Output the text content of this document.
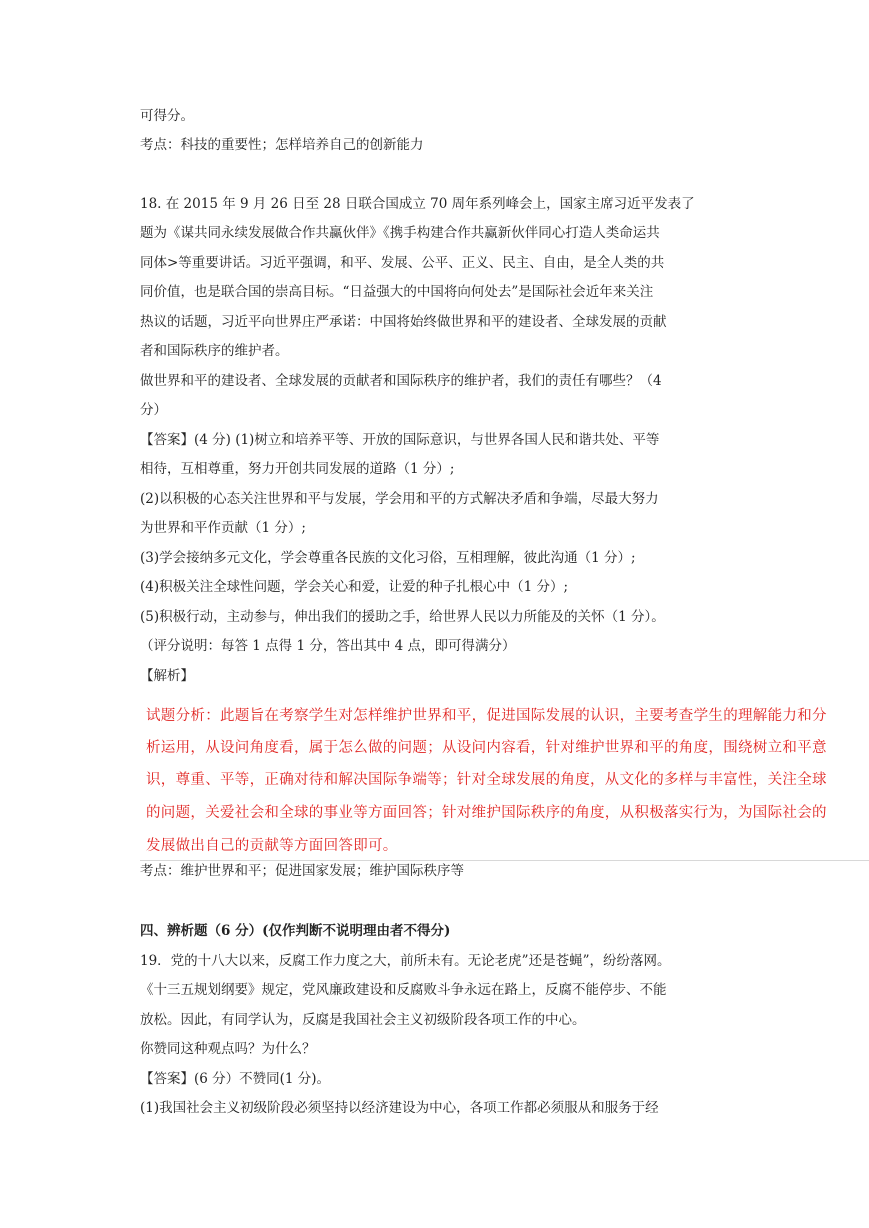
可得分。
考点：科技的重要性；怎样培养自己的创新能力
18. 在 2015 年 9 月 26 日至 28 日联合国成立 70 周年系列峰会上，国家主席习近平发表了
题为《谋共同永续发展做合作共赢伙伴》《携手构建合作共赢新伙伴同心打造人类命运共
同体>等重要讲话。习近平强调，和平、发展、公平、正义、民主、自由，是全人类的共
同价值，也是联合国的崇高目标。“日益强大的中国将向何处去”是国际社会近年来关注
热议的话题，习近平向世界庄严承诺：中国将始终做世界和平的建设者、全球发展的贡献
者和国际秩序的维护者。
做世界和平的建设者、全球发展的贡献者和国际秩序的维护者，我们的责任有哪些？（4
分）
【答案】(4 分) (1)树立和培养平等、开放的国际意识，与世界各国人民和谐共处、平等
相待，互相尊重，努力开创共同发展的道路（1 分）;
(2)以积极的心态关注世界和平与发展，学会用和平的方式解决矛盾和争端，尽最大努力
为世界和平作贡献（1 分）;
(3)学会接纳多元文化，学会尊重各民族的文化习俗，互相理解，彼此沟通（1 分）;
(4)积极关注全球性问题，学会关心和爱，让爱的种子扎根心中（1 分）;
(5)积极行动，主动参与，伸出我们的援助之手，给世界人民以力所能及的关怀（1 分）。
（评分说明：每答 1 点得 1 分，答出其中 4 点，即可得满分）
【解析】
试题分析：此题旨在考察学生对怎样维护世界和平，促进国际发展的认识，主要考查学生的理解能力和分
析运用，从设问角度看，属于怎么做的问题；从设问内容看，针对维护世界和平的角度，围绕树立和平意
识，尊重、平等，正确对待和解决国际争端等；针对全球发展的角度，从文化的多样与丰富性，关注全球
的问题，关爱社会和全球的事业等方面回答；针对维护国际秩序的角度，从积极落实行为，为国际社会的
发展做出自己的贡献等方面回答即可。
考点：维护世界和平；促进国家发展；维护国际秩序等
四、辨析题（6 分）(仅作判断不说明理由者不得分)
19．党的十八大以来，反腐工作力度之大，前所未有。无论老虎”还是苍蝇”，纷纷落网。
《十三五规划纲要》规定，党风廉政建设和反腐败斗争永远在路上，反腐不能停步、不能
放松。因此，有同学认为，反腐是我国社会主义初级阶段各项工作的中心。
你赞同这种观点吗？为什么？
【答案】(6 分）不赞同(1 分)。
(1)我国社会主义初级阶段必须坚持以经济建设为中心，各项工作都必须服从和服务于经
